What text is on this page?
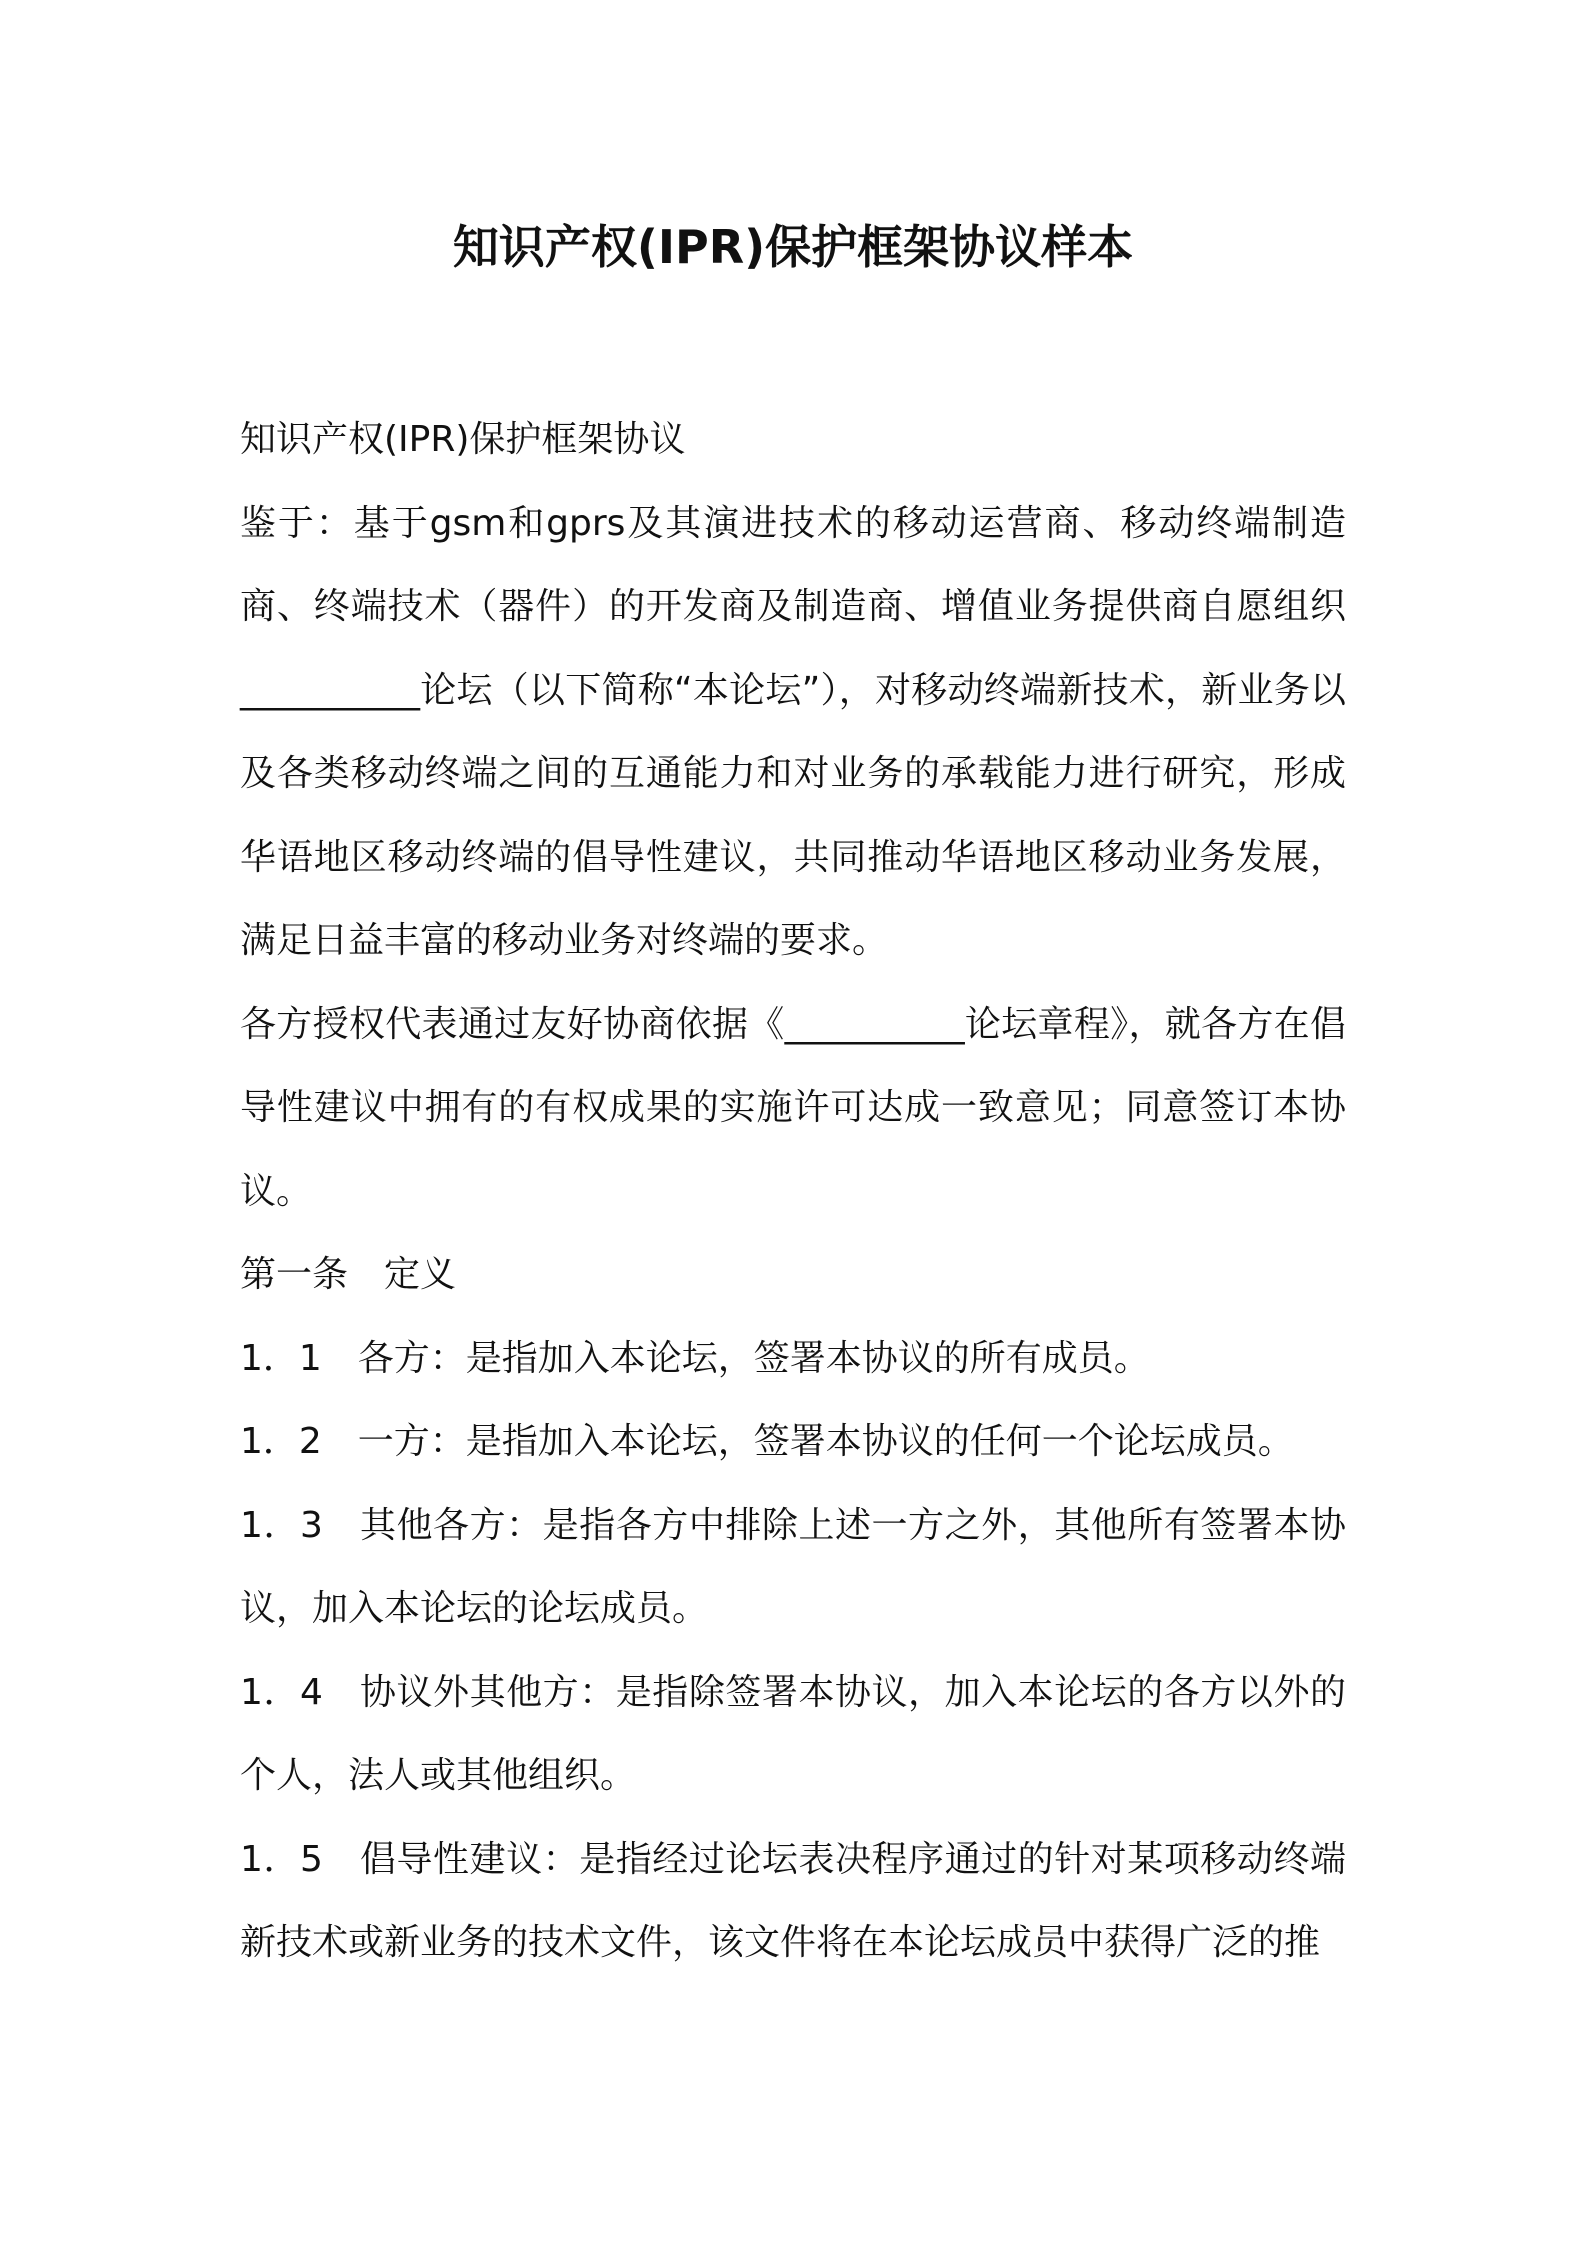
知识产权(IPR)保护框架协议样本

知识产权(IPR)保护框架协议

鉴于：基于gsm和gprs及其演进技术的移动运营商、移动终端制造商、终端技术（器件）的开发商及制造商、增值业务提供商自愿组织__________论坛（以下简称“本论坛”），对移动终端新技术，新业务以及各类移动终端之间的互通能力和对业务的承载能力进行研究，形成华语地区移动终端的倡导性建议，共同推动华语地区移动业务发展，满足日益丰富的移动业务对终端的要求。

各方授权代表通过友好协商依据《__________论坛章程》，就各方在倡导性建议中拥有的有权成果的实施许可达成一致意见；同意签订本协议。

第一条　定义

1．1　各方：是指加入本论坛，签署本协议的所有成员。

1．2　一方：是指加入本论坛，签署本协议的任何一个论坛成员。

1．3　其他各方：是指各方中排除上述一方之外，其他所有签署本协议，加入本论坛的论坛成员。

1．4　协议外其他方：是指除签署本协议，加入本论坛的各方以外的个人，法人或其他组织。

1．5　倡导性建议：是指经过论坛表决程序通过的针对某项移动终端新技术或新业务的技术文件，该文件将在本论坛成员中获得广泛的推
